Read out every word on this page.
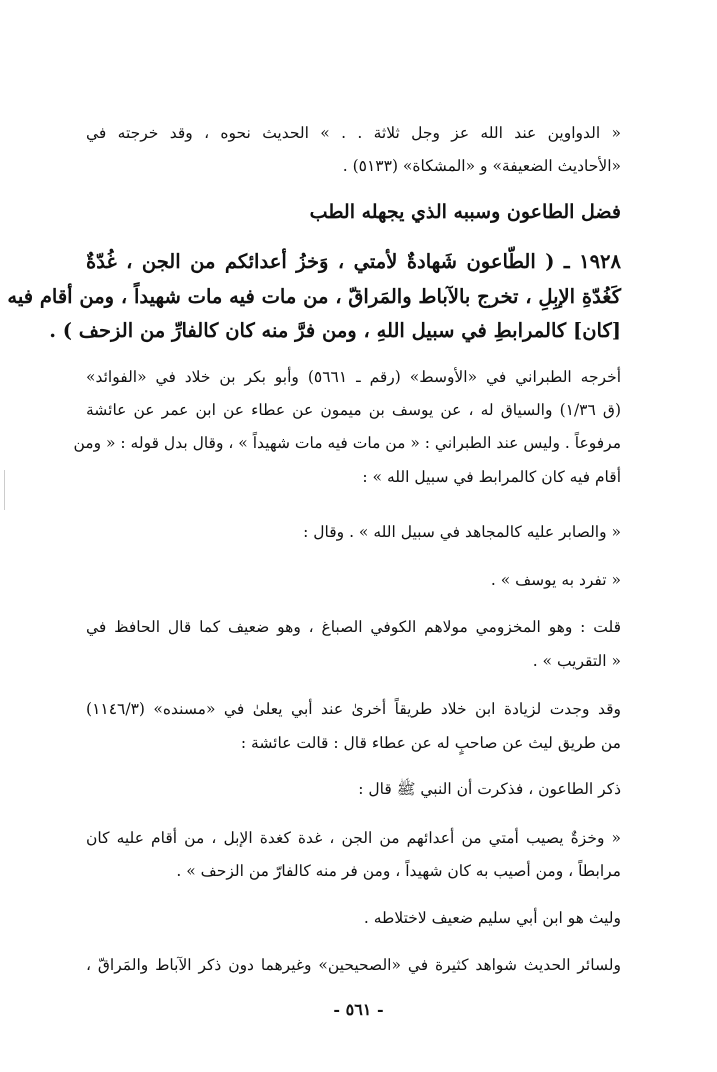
« الدواوين عند الله عز وجل ثلاثة . . » الحديث نحوه ، وقد خرجته في
«الأحاديث الضعيفة» و «المشكاة» (٥١٣٣) .
فضل الطاعون وسببه الذي يجهله الطب
١٩٢٨ ـ ( الطّاعون شَهادةٌ لأمتي ، وَخزُ أعدائكم من الجن ، غُدّةٌ
كَغُدّةِ الإبِلِ ، تخرج بالآباط والمَراقّ ، من مات فيه مات شهيداً ، ومن أقام فيه
[كان] كالمرابطِ في سبيل اللهِ ، ومن فرَّ منه كان كالفارِّ من الزحف ) .
أخرجه الطبراني في «الأوسط» (رقم ـ ٥٦٦١) وأبو بكر بن خلاد في «الفوائد»
(ق ١/٣٦) والسياق له ، عن يوسف بن ميمون عن عطاء عن ابن عمر عن عائشة
مرفوعاً . وليس عند الطبراني : « من مات فيه مات شهيداً » ، وقال بدل قوله : « ومن
أقام فيه كان كالمرابط في سبيل الله » :
« والصابر عليه كالمجاهد في سبيل الله » . وقال :
« تفرد به يوسف » .
قلت : وهو المخزومي مولاهم الكوفي الصباغ ، وهو ضعيف كما قال الحافظ في
« التقريب » .
وقد وجدت لزيادة ابن خلاد طريقاً أخرىٰ عند أبي يعلىٰ في «مسنده» (١١٤٦/٣)
من طريق ليث عن صاحبٍ له عن عطاء قال : قالت عائشة :
ذكر الطاعون ، فذكرت أن النبي ﷺ قال :
« وخزةٌ يصيب أمتي من أعدائهم من الجن ، غدة كغدة الإبل ، من أقام عليه كان
مرابطاً ، ومن أصيب به كان شهيداً ، ومن فر منه كالفارّ من الزحف » .
وليث هو ابن أبي سليم ضعيف لاختلاطه .
ولسائر الحديث شواهد كثيرة في «الصحيحين» وغيرهما دون ذكر الآباط والمَراقّ ،
- ٥٦١ -
